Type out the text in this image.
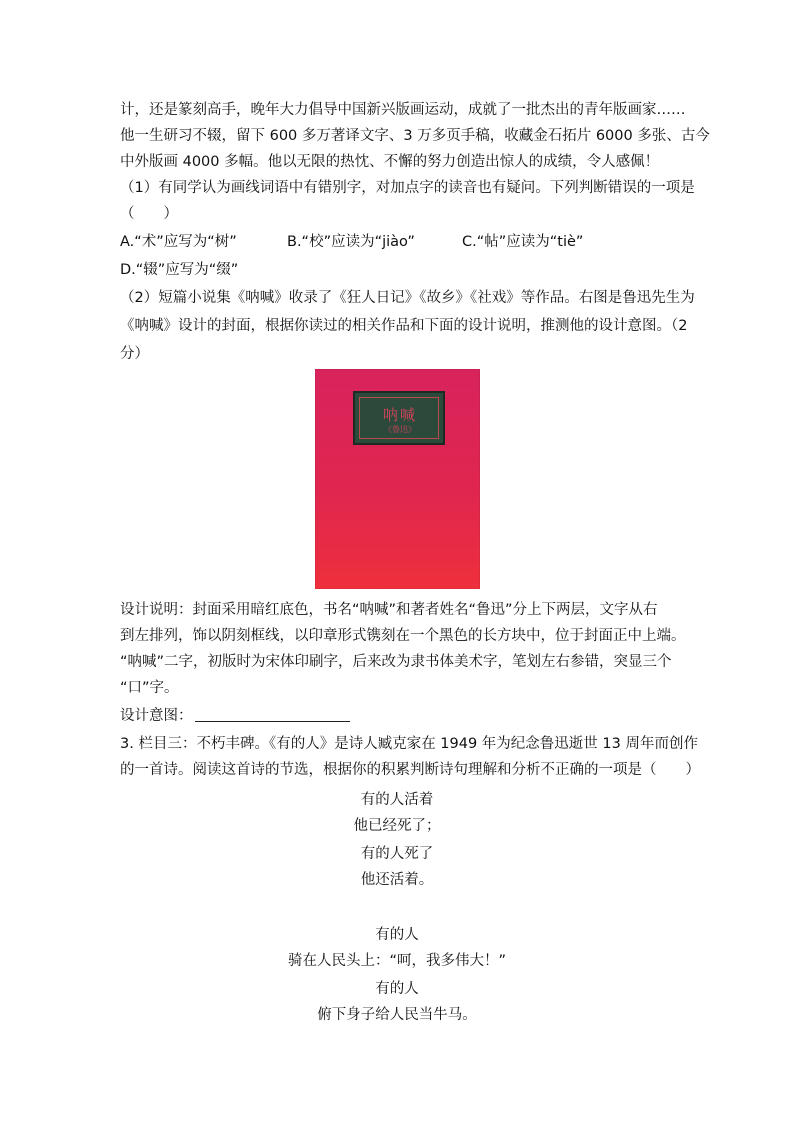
计，还是篆刻高手，晚年大力倡导中国新兴版画运动，成就了一批杰出的青年版画家……
他一生研习不辍，留下 600 多万著译文字、3 万多页手稿，收藏金石拓片 6000 多张、古今
中外版画 4000 多幅。他以无限的热忱、不懈的努力创造出惊人的成绩，令人感佩！
（1）有同学认为画线词语中有错别字，对加点字的读音也有疑问。下列判断错误的一项是
（　　）
A.“术”应写为“树”	B.“校”应读为“jiào”	C.“帖”应读为“tiè”
D.“辍”应写为“缀”
（2）短篇小说集《呐喊》收录了《狂人日记》《故乡》《社戏》等作品。右图是鲁迅先生为
《呐喊》设计的封面，根据你读过的相关作品和下面的设计说明，推测他的设计意图。（2
分）
呐喊
《鲁迅》
设计说明：封面采用暗红底色，书名“呐喊”和著者姓名“鲁迅”分上下两层，文字从右
到左排列，饰以阴刻框线，以印章形式镌刻在一个黑色的长方块中，位于封面正中上端。
“呐喊”二字，初版时为宋体印刷字，后来改为隶书体美术字，笔划左右参错，突显三个
“口”字。
设计意图：
3. 栏目三：不朽丰碑。《有的人》是诗人臧克家在 1949 年为纪念鲁迅逝世 13 周年而创作
的一首诗。阅读这首诗的节选，根据你的积累判断诗句理解和分析不正确的一项是（　　）
有的人活着
他已经死了；
有的人死了
他还活着。
有的人
骑在人民头上：“呵，我多伟大！”
有的人
俯下身子给人民当牛马。
